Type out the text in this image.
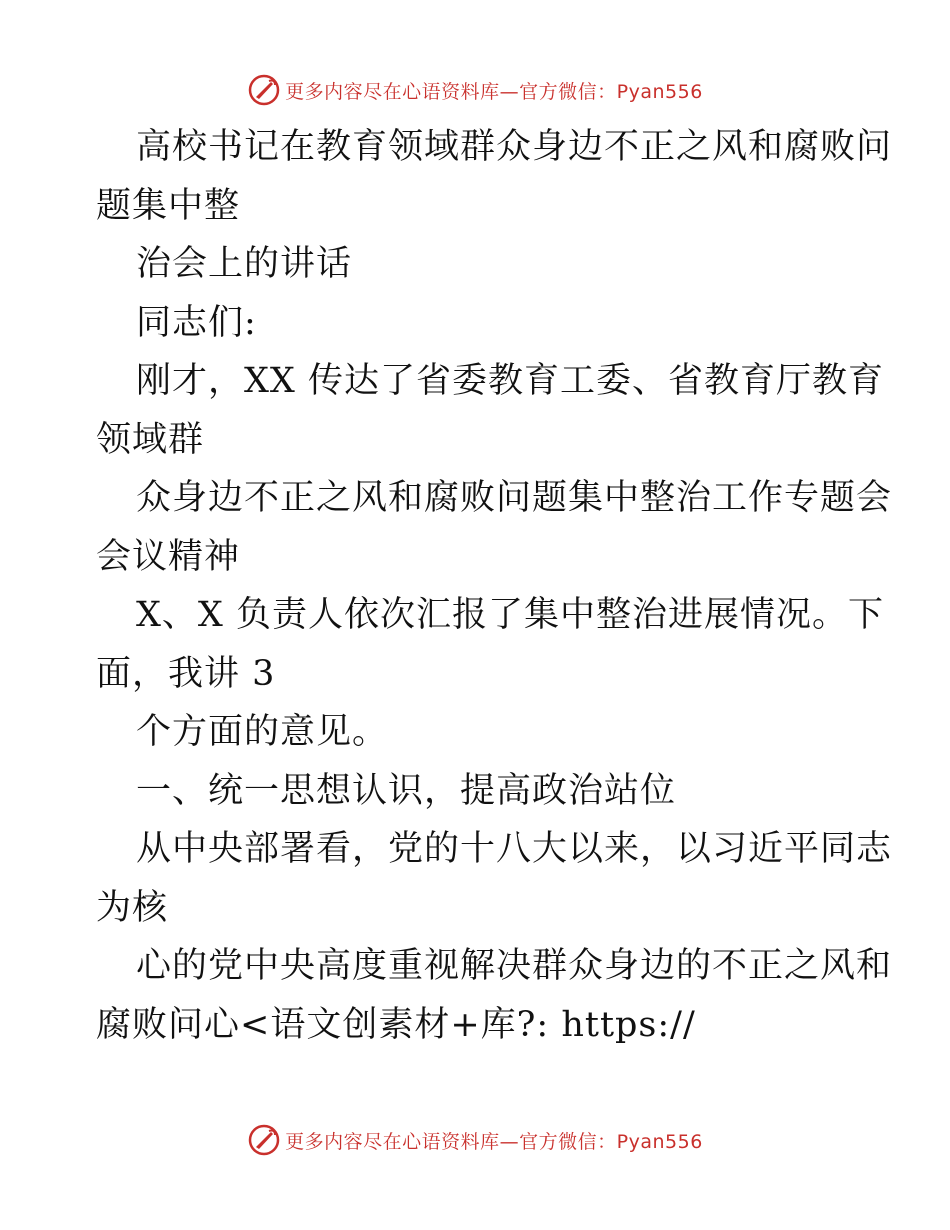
更多内容尽在心语资料库—官方微信：Pyan556
高校书记在教育领域群众身边不正之风和腐败问
题集中整
治会上的讲话
同志们:
刚才，XX 传达了省委教育工委、省教育厅教育
领域群
众身边不正之风和腐败问题集中整治工作专题会
会议精神
X、X 负责人依次汇报了集中整治进展情况。下
面，我讲 3
个方面的意见。
一、统一思想认识，提高政治站位
从中央部署看，党的十八大以来，以习近平同志
为核
心的党中央高度重视解决群众身边的不正之风和
腐败问心<语文创素材+库?: https://
更多内容尽在心语资料库—官方微信：Pyan556
